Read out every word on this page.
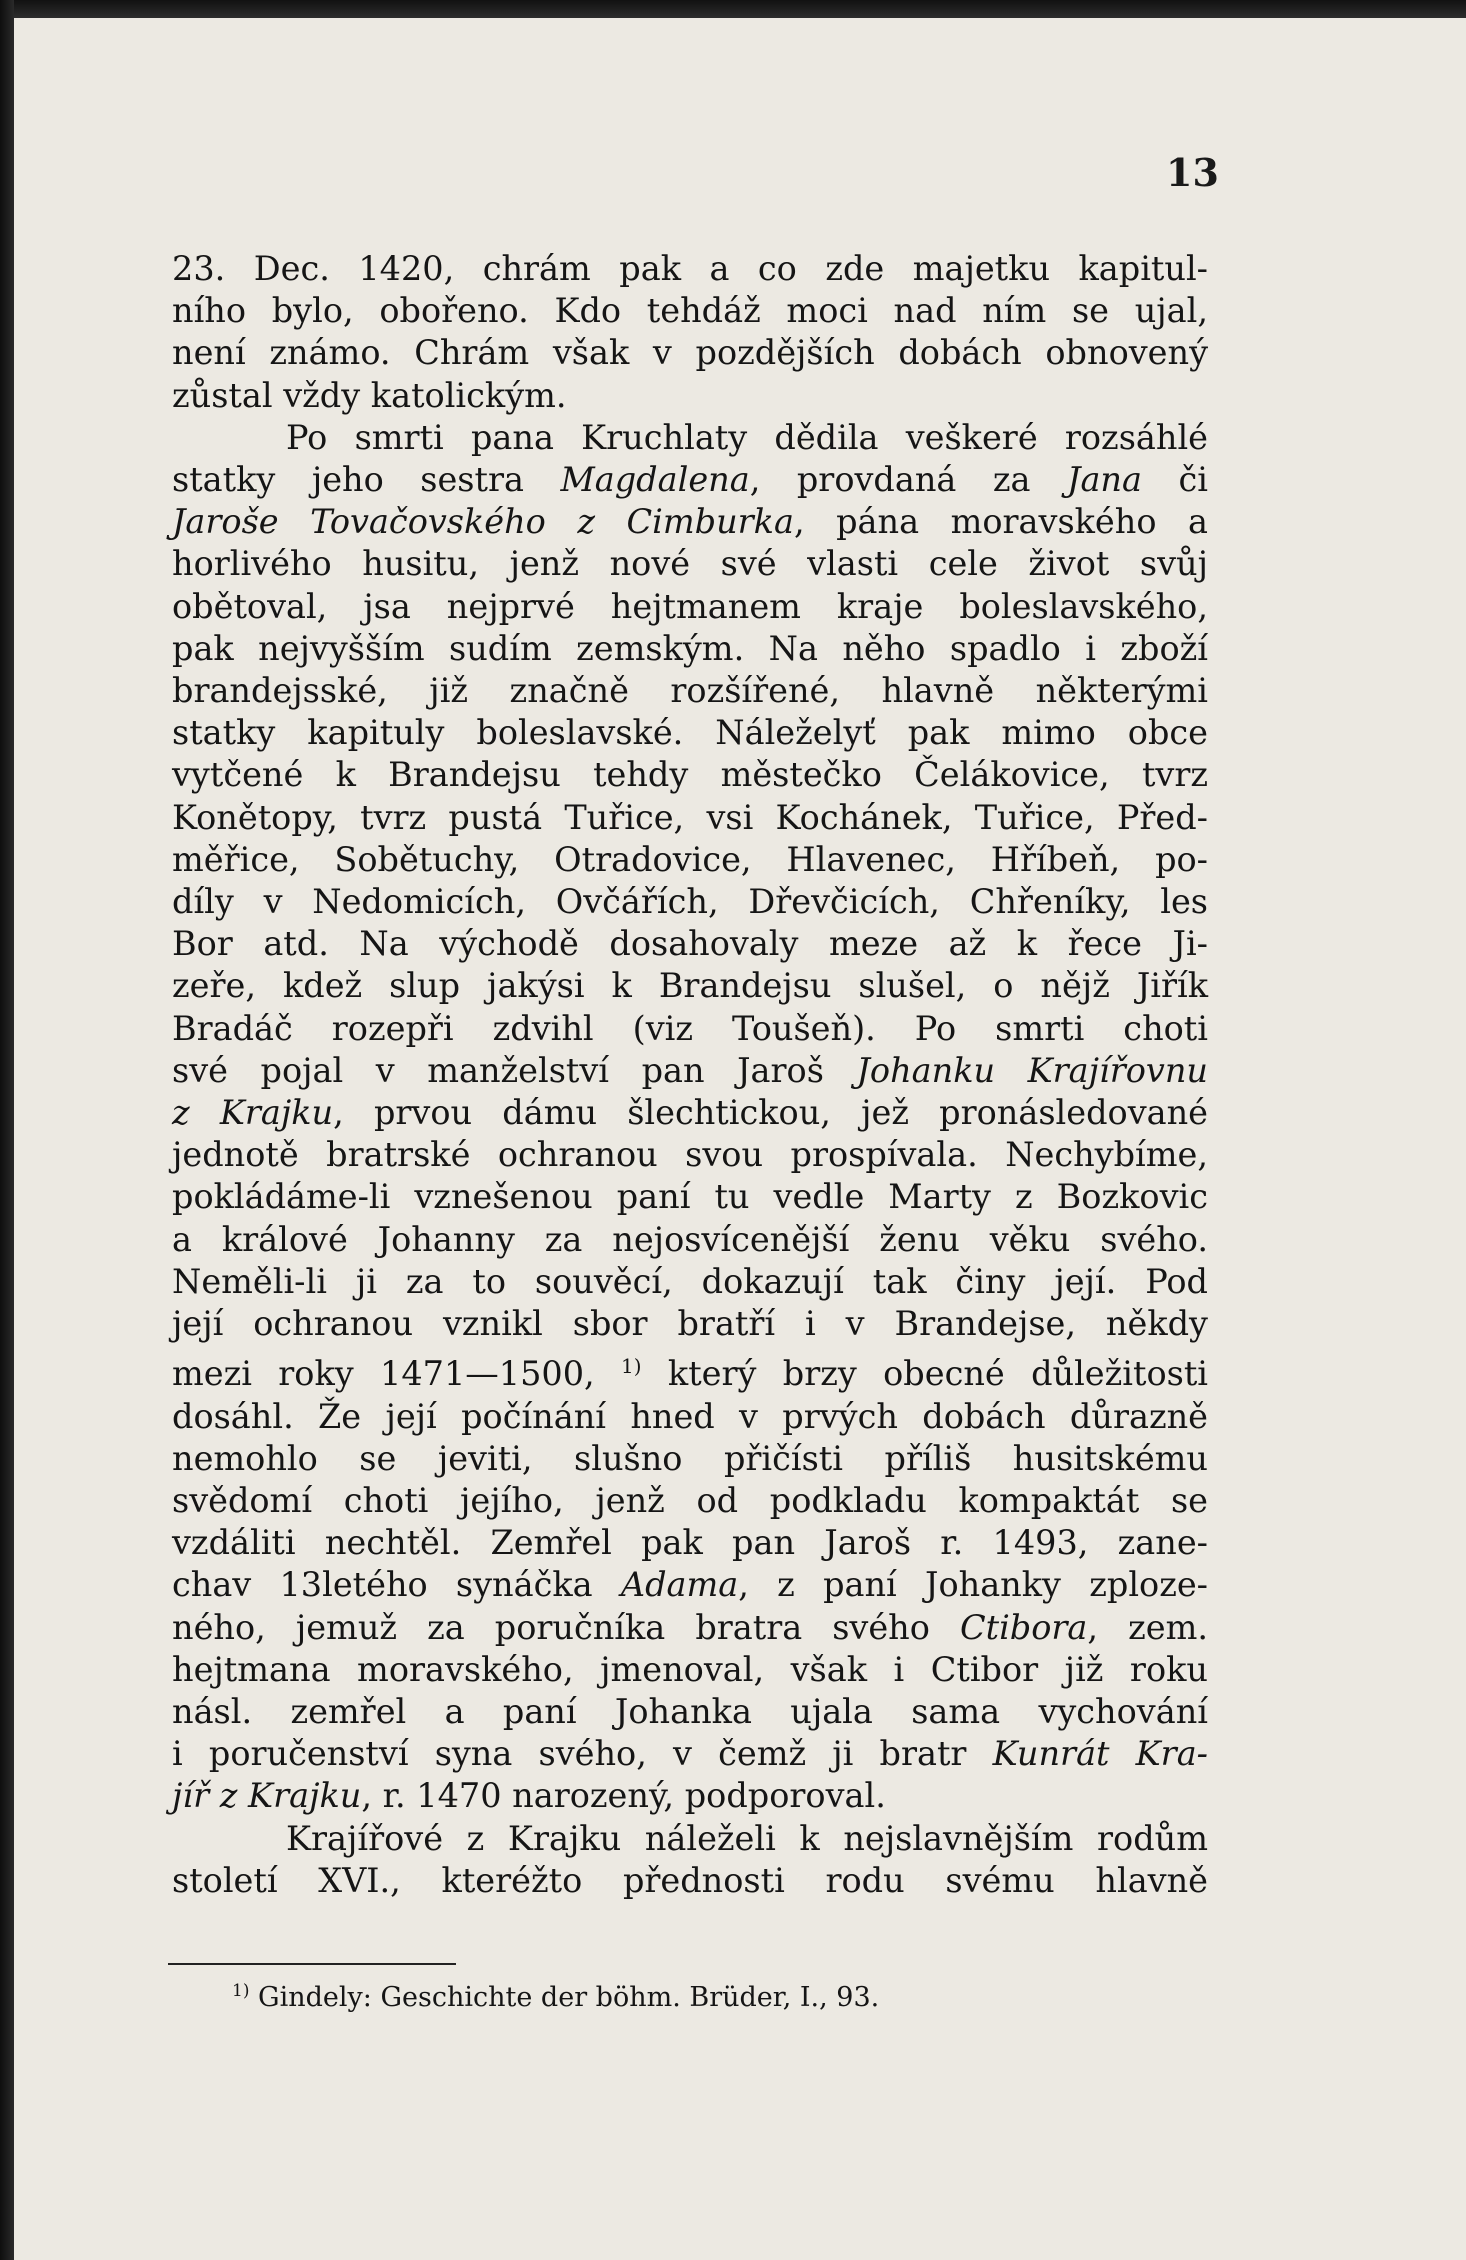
13
23. Dec. 1420, chrám pak a co zde majetku kapitul-
ního bylo, obořeno. Kdo tehdáž moci nad ním se ujal,
není známo. Chrám však v pozdějších dobách obnovený
zůstal vždy katolickým.
Po smrti pana Kruchlaty dědila veškeré rozsáhlé
statky jeho sestra Magdalena, provdaná za Jana či
Jaroše Tovačovského z Cimburka, pána moravského a
horlivého husitu, jenž nové své vlasti cele život svůj
obětoval, jsa nejprvé hejtmanem kraje boleslavského,
pak nejvyšším sudím zemským. Na něho spadlo i zboží
brandejsské, již značně rozšířené, hlavně některými
statky kapituly boleslavské. Náleželyť pak mimo obce
vytčené k Brandejsu tehdy městečko Čelákovice, tvrz
Konětopy, tvrz pustá Tuřice, vsi Kochánek, Tuřice, Před-
měřice, Sobětuchy, Otradovice, Hlavenec, Hříbeň, po-
díly v Nedomicích, Ovčářích, Dřevčicích, Chřeníky, les
Bor atd. Na východě dosahovaly meze až k řece Ji-
zeře, kdež slup jakýsi k Brandejsu slušel, o nějž Jiřík
Bradáč rozepři zdvihl (viz Toušeň). Po smrti choti
své pojal v manželství pan Jaroš Johanku Krajířovnu
z Krajku, prvou dámu šlechtickou, jež pronásledované
jednotě bratrské ochranou svou prospívala. Nechybíme,
pokládáme-li vznešenou paní tu vedle Marty z Bozkovic
a králové Johanny za nejosvícenější ženu věku svého.
Neměli-li ji za to souvěcí, dokazují tak činy její. Pod
její ochranou vznikl sbor bratří i v Brandejse, někdy
mezi roky 1471—1500, $^{1)}$ který brzy obecné důležitosti
dosáhl. Že její počínání hned v prvých dobách důrazně
nemohlo se jeviti, slušno přičísti příliš husitskému
svědomí choti jejího, jenž od podkladu kompaktát se
vzdáliti nechtěl. Zemřel pak pan Jaroš r. 1493, zane-
chav 13letého synáčka Adama, z paní Johanky zploze-
ného, jemuž za poručníka bratra svého Ctibora, zem.
hejtmana moravského, jmenoval, však i Ctibor již roku
násl. zemřel a paní Johanka ujala sama vychování
i poručenství syna svého, v čemž ji bratr Kunrát Kra-
jíř z Krajku, r. 1470 narozený, podporoval.
Krajířové z Krajku náleželi k nejslavnějším rodům
století XVI., kteréžto přednosti rodu svému hlavně
$^{1)}$ Gindely: Geschichte der böhm. Brüder, I., 93.
